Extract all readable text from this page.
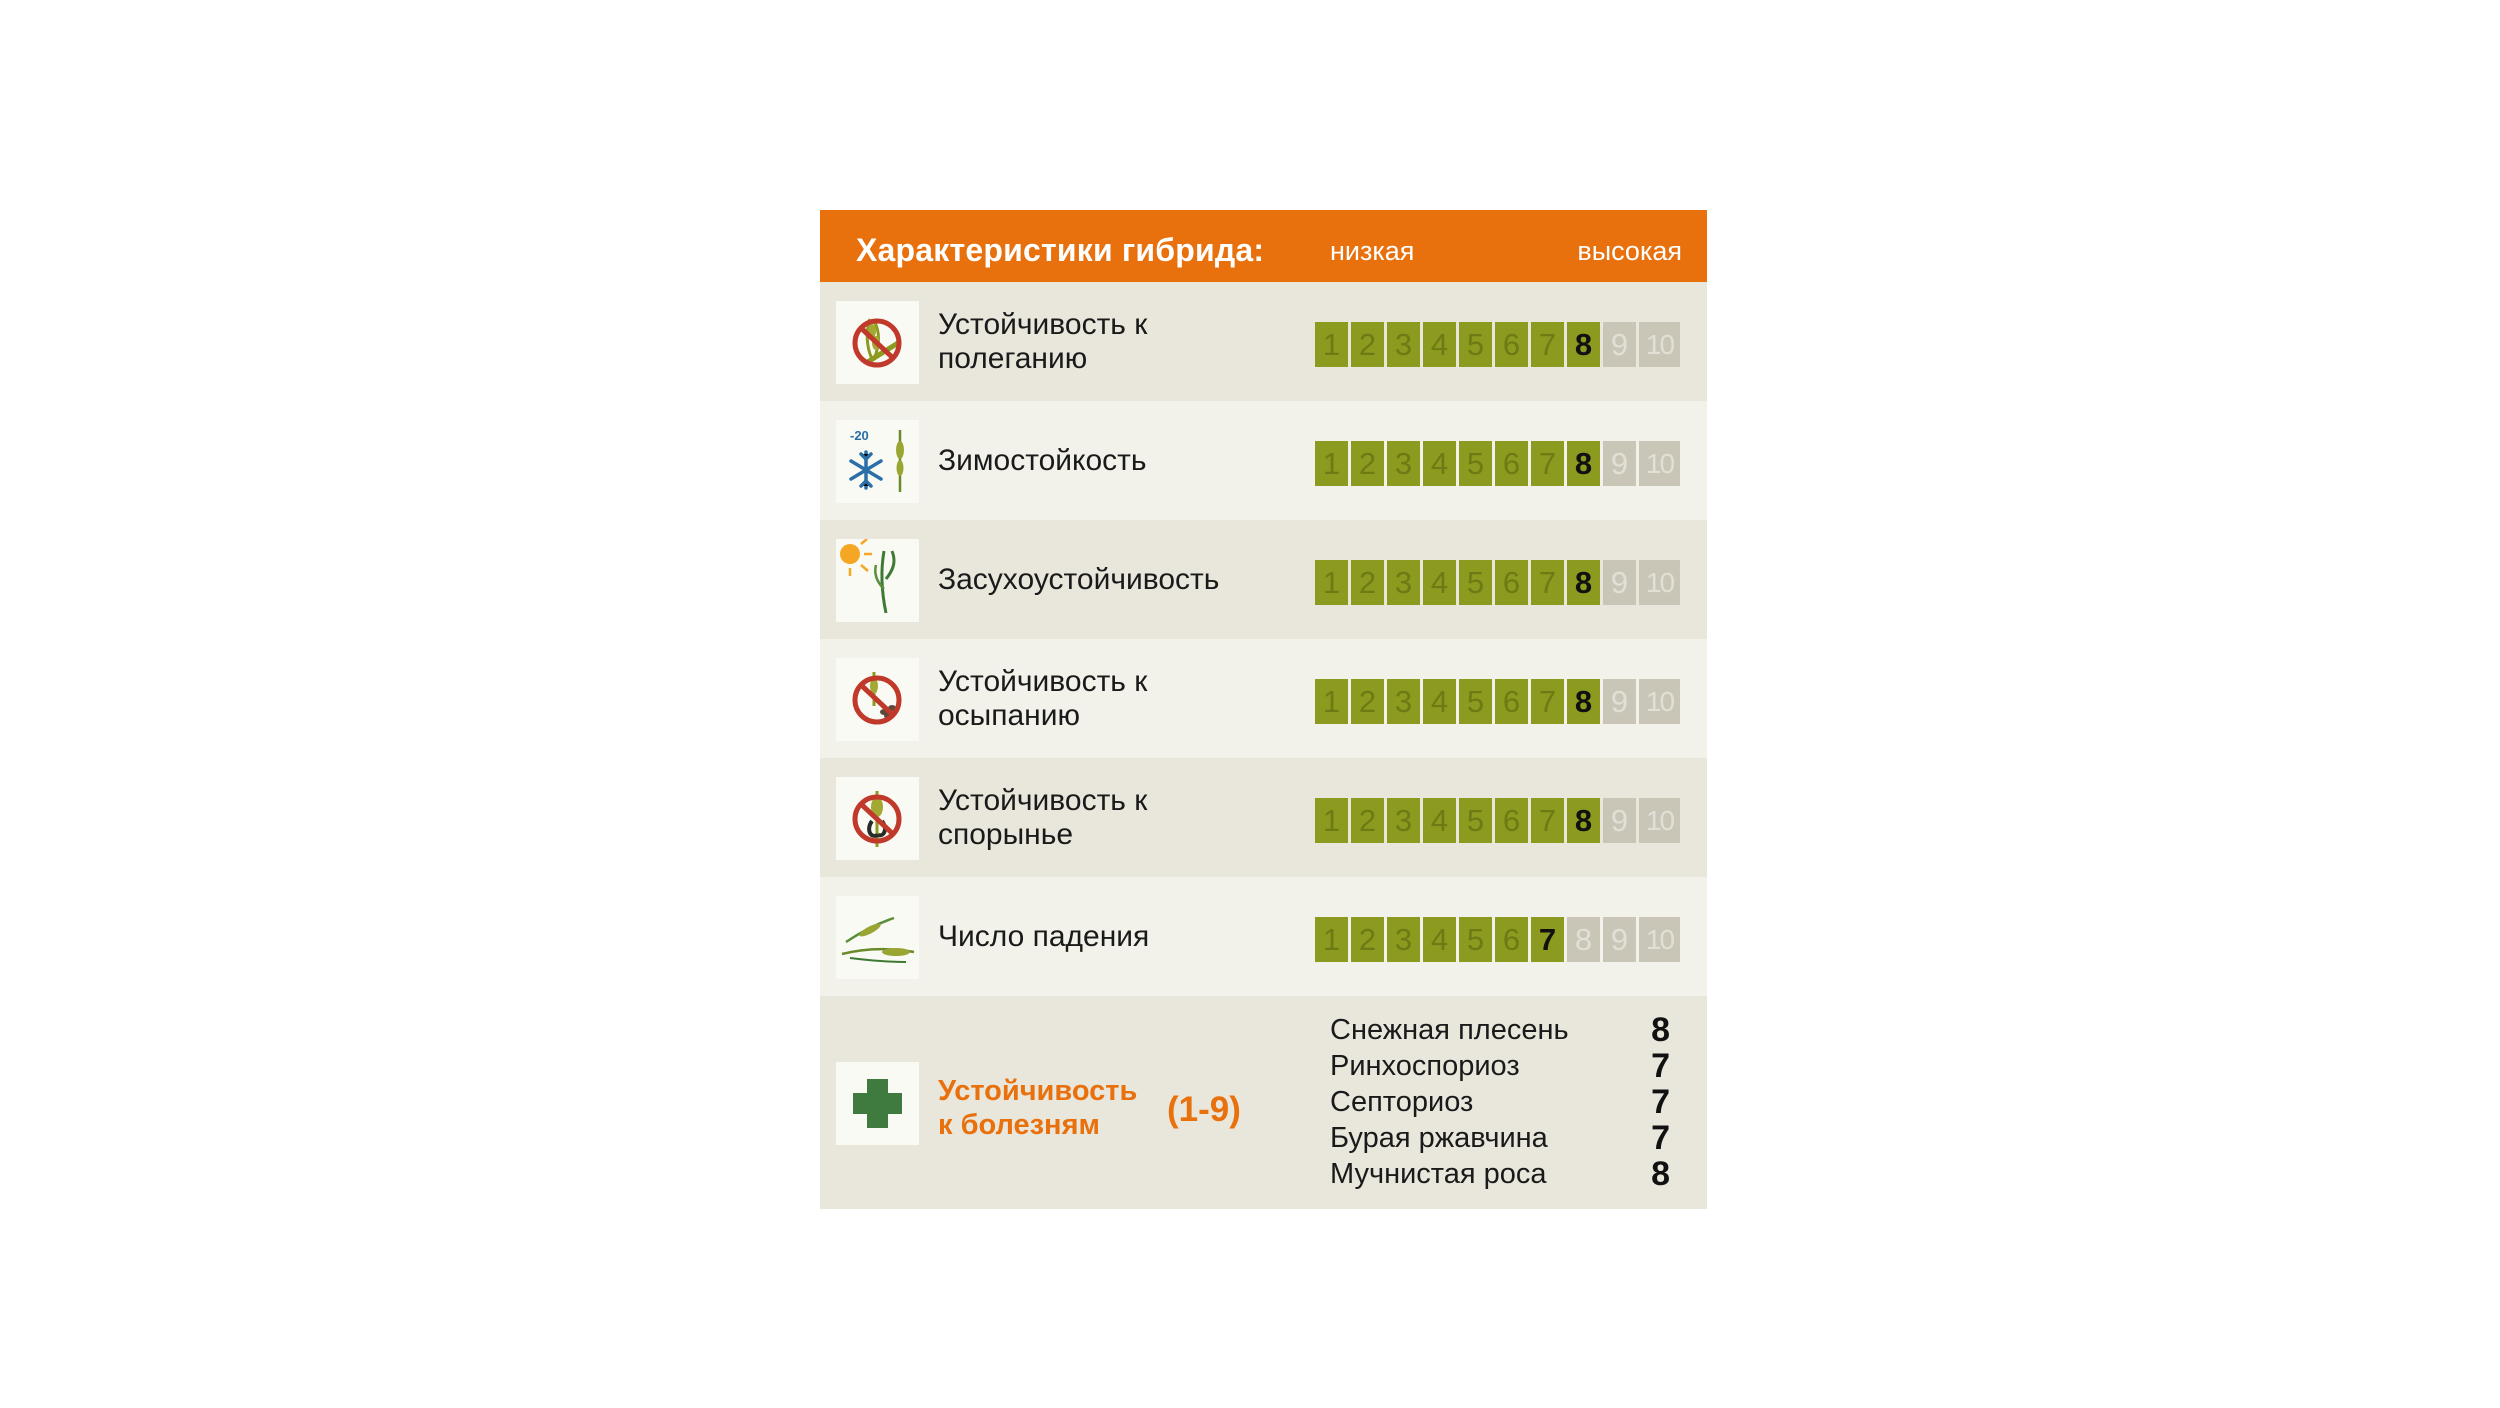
Характеристики гибрида: низкая	высокая
Устойчивость к
полеганию	1 2 3 4 5 6 7 8 9 10
-20
Зимостойкость	1 2 3 4 5 6 7 8 9 10
Засухоустойчивость	1 2 3 4 5 6 7 8 9 10
Устойчивость к
осыпанию	1 2 3 4 5 6 7 8 9 10
Устойчивость к
спорынье	1 2 3 4 5 6 7 8 9 10
Число падения	1 2 3 4 5 6 7 8 9 10
Устойчивость
к болезням	(1-9)
Снежная плесень 8
Ринхоспориоз	7
Септориоз	7
Бурая ржавчина	7
Мучнистая роса	8
